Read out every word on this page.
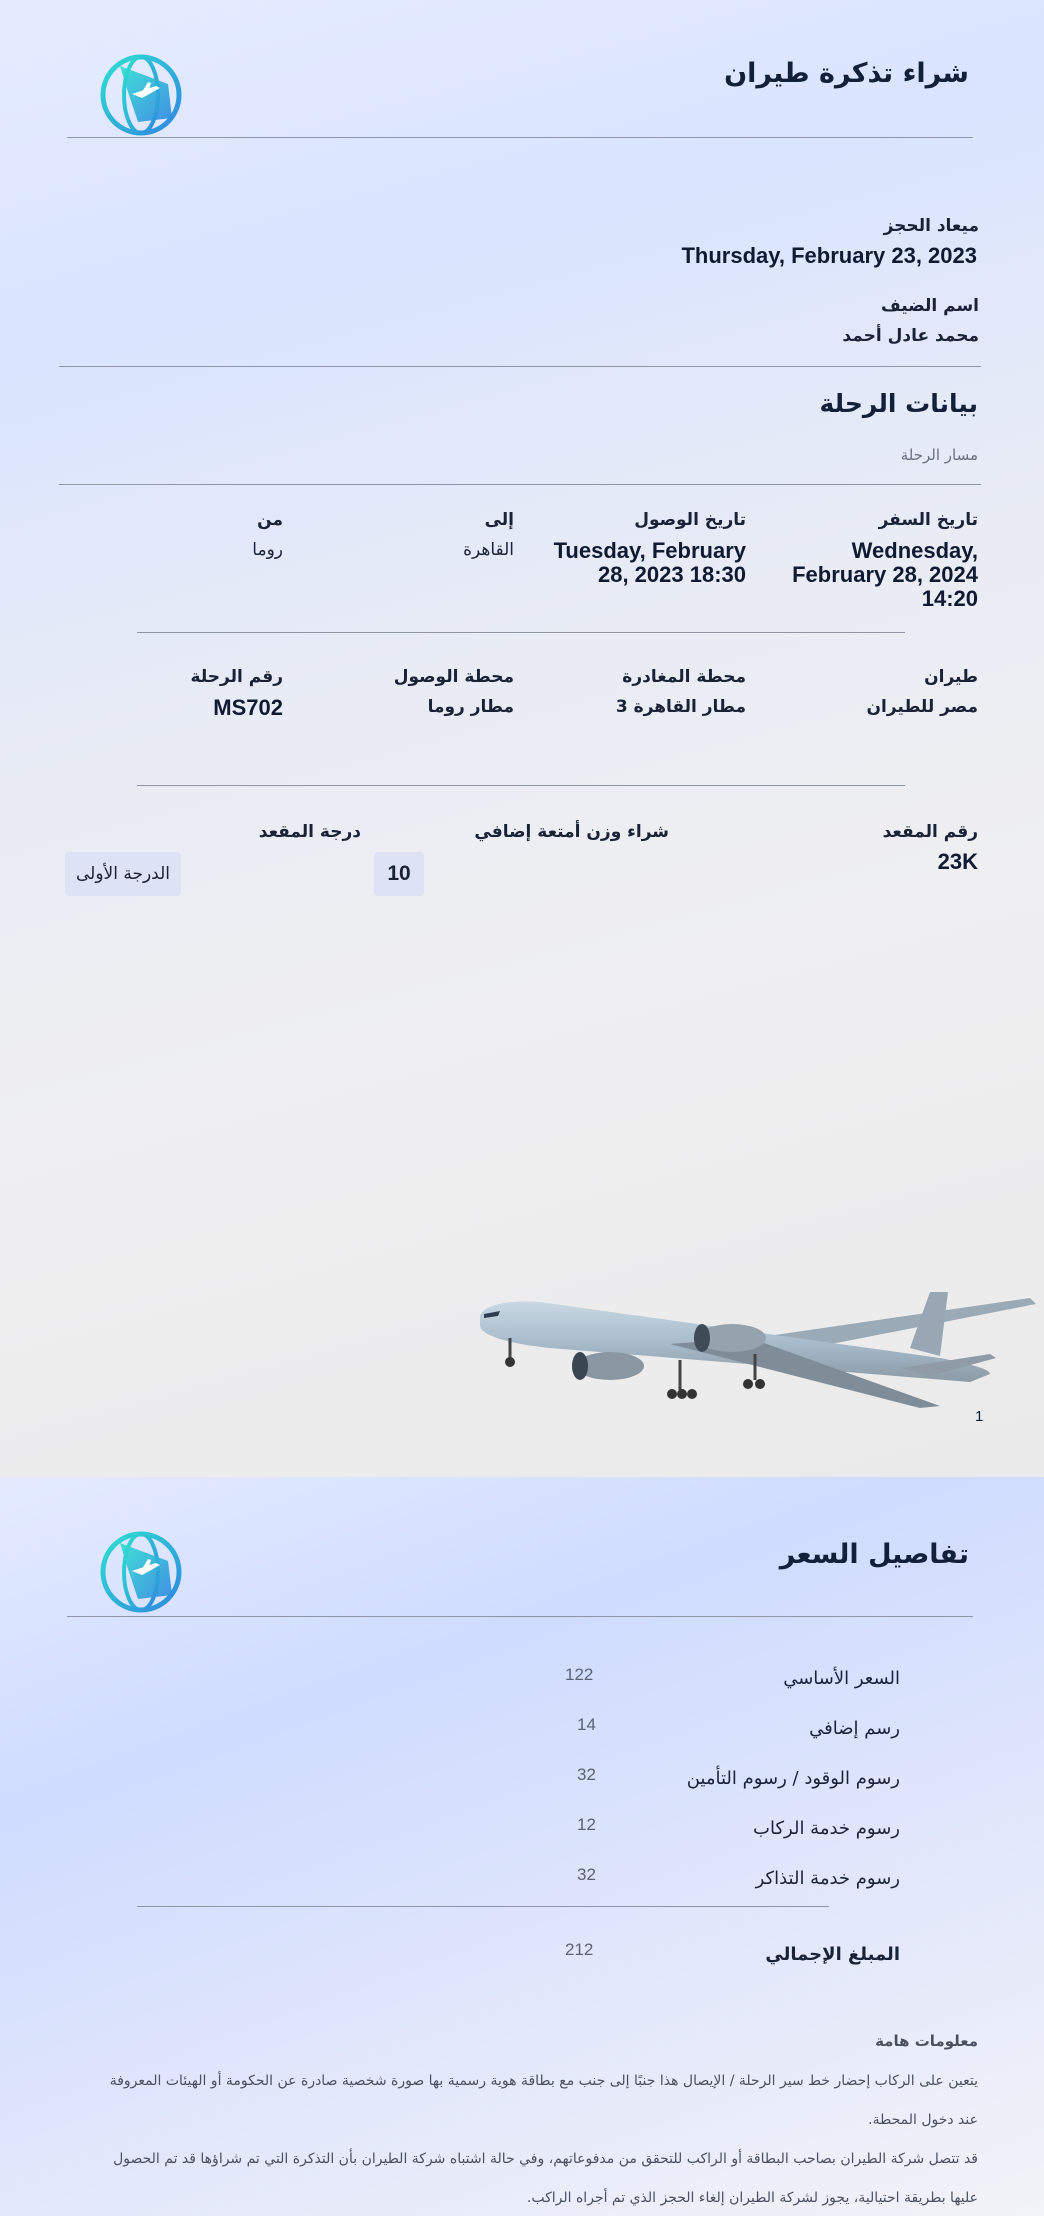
شراء تذكرة طيران
ميعاد الحجز
Thursday, February 23, 2023
اسم الضيف
محمد عادل أحمد
بيانات الرحلة
مسار الرحلة
تاريخ السفر
Wednesday, February 28, 2024 14:20
تاريخ الوصول
Tuesday, February 28, 2023 18:30
إلى
القاهرة
من
روما
طيران
مصر للطيران
محطة المغادرة
مطار القاهرة 3
محطة الوصول
مطار روما
رقم الرحلة
MS702
رقم المقعد
23K
شراء وزن أمتعة إضافي
10
درجة المقعد
الدرجة الأولى
1
تفاصيل السعر
السعر الأساسي
122
رسم إضافي
14
رسوم الوقود / رسوم التأمين
32
رسوم خدمة الركاب
12
رسوم خدمة التذاكر
32
المبلغ الإجمالي
212
معلومات هامة
يتعين على الركاب إحضار خط سير الرحلة / الإيصال هذا جنبًا إلى جنب مع بطاقة هوية رسمية بها صورة شخصية صادرة عن الحكومة أو الهيئات المعروفة
عند دخول المحطة.
قد تتصل شركة الطيران بصاحب البطاقة أو الراكب للتحقق من مدفوعاتهم، وفي حالة اشتباه شركة الطيران بأن التذكرة التي تم شراؤها قد تم الحصول
عليها بطريقة احتيالية، يجوز لشركة الطيران إلغاء الحجز الذي تم أجراه الراكب.
